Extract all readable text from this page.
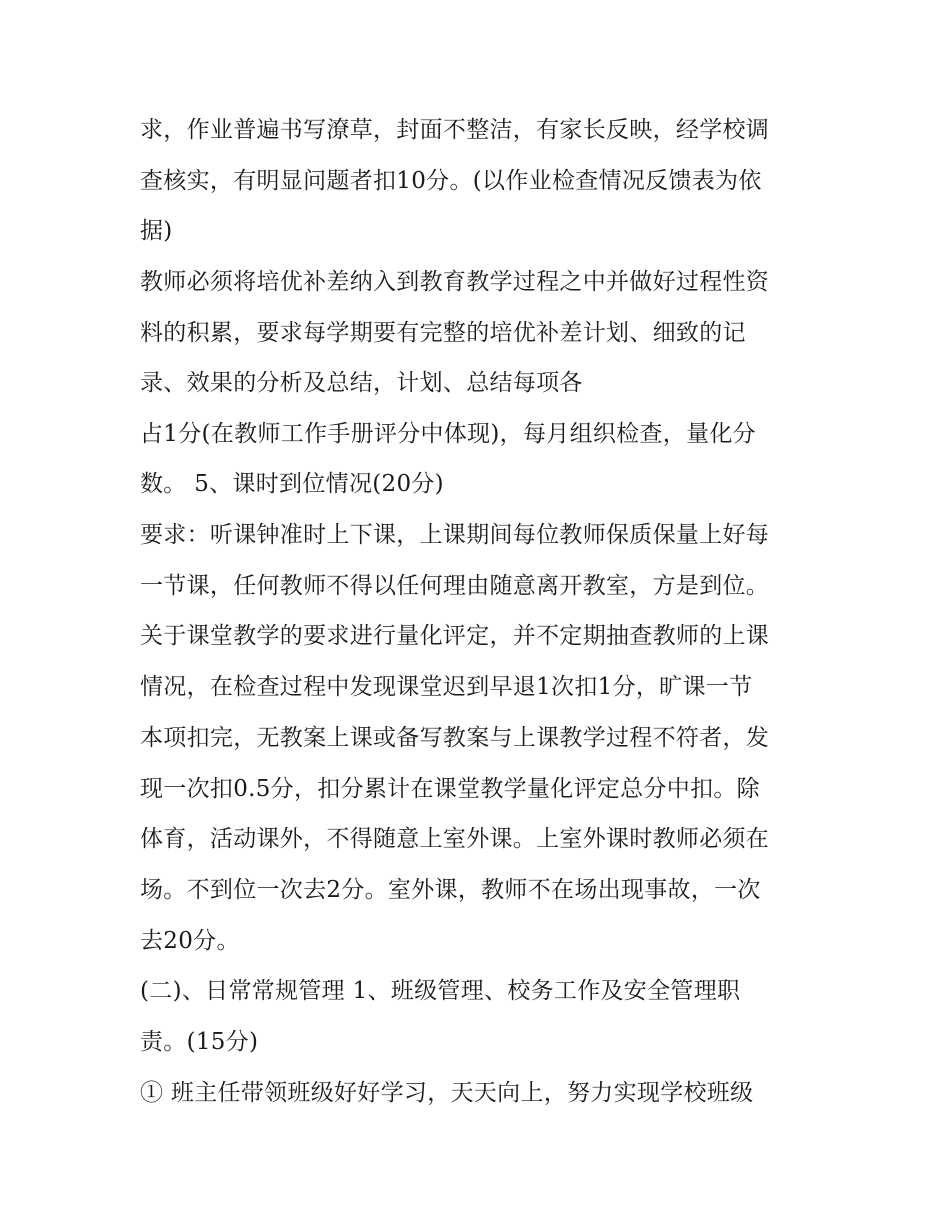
求，作业普遍书写潦草，封面不整洁，有家长反映，经学校调
查核实，有明显问题者扣10分。(以作业检查情况反馈表为依
据)
教师必须将培优补差纳入到教育教学过程之中并做好过程性资
料的积累，要求每学期要有完整的培优补差计划、细致的记
录、效果的分析及总结，计划、总结每项各
占1分(在教师工作手册评分中体现)，每月组织检查，量化分
数。 5、课时到位情况(20分)
要求：听课钟准时上下课，上课期间每位教师保质保量上好每
一节课，任何教师不得以任何理由随意离开教室，方是到位。
关于课堂教学的要求进行量化评定，并不定期抽查教师的上课
情况，在检查过程中发现课堂迟到早退1次扣1分，旷课一节
本项扣完，无教案上课或备写教案与上课教学过程不符者，发
现一次扣0.5分，扣分累计在课堂教学量化评定总分中扣。除
体育，活动课外，不得随意上室外课。上室外课时教师必须在
场。不到位一次去2分。室外课，教师不在场出现事故，一次
去20分。
(二)、日常常规管理 1、班级管理、校务工作及安全管理职
责。(15分)
① 班主任带领班级好好学习，天天向上，努力实现学校班级
